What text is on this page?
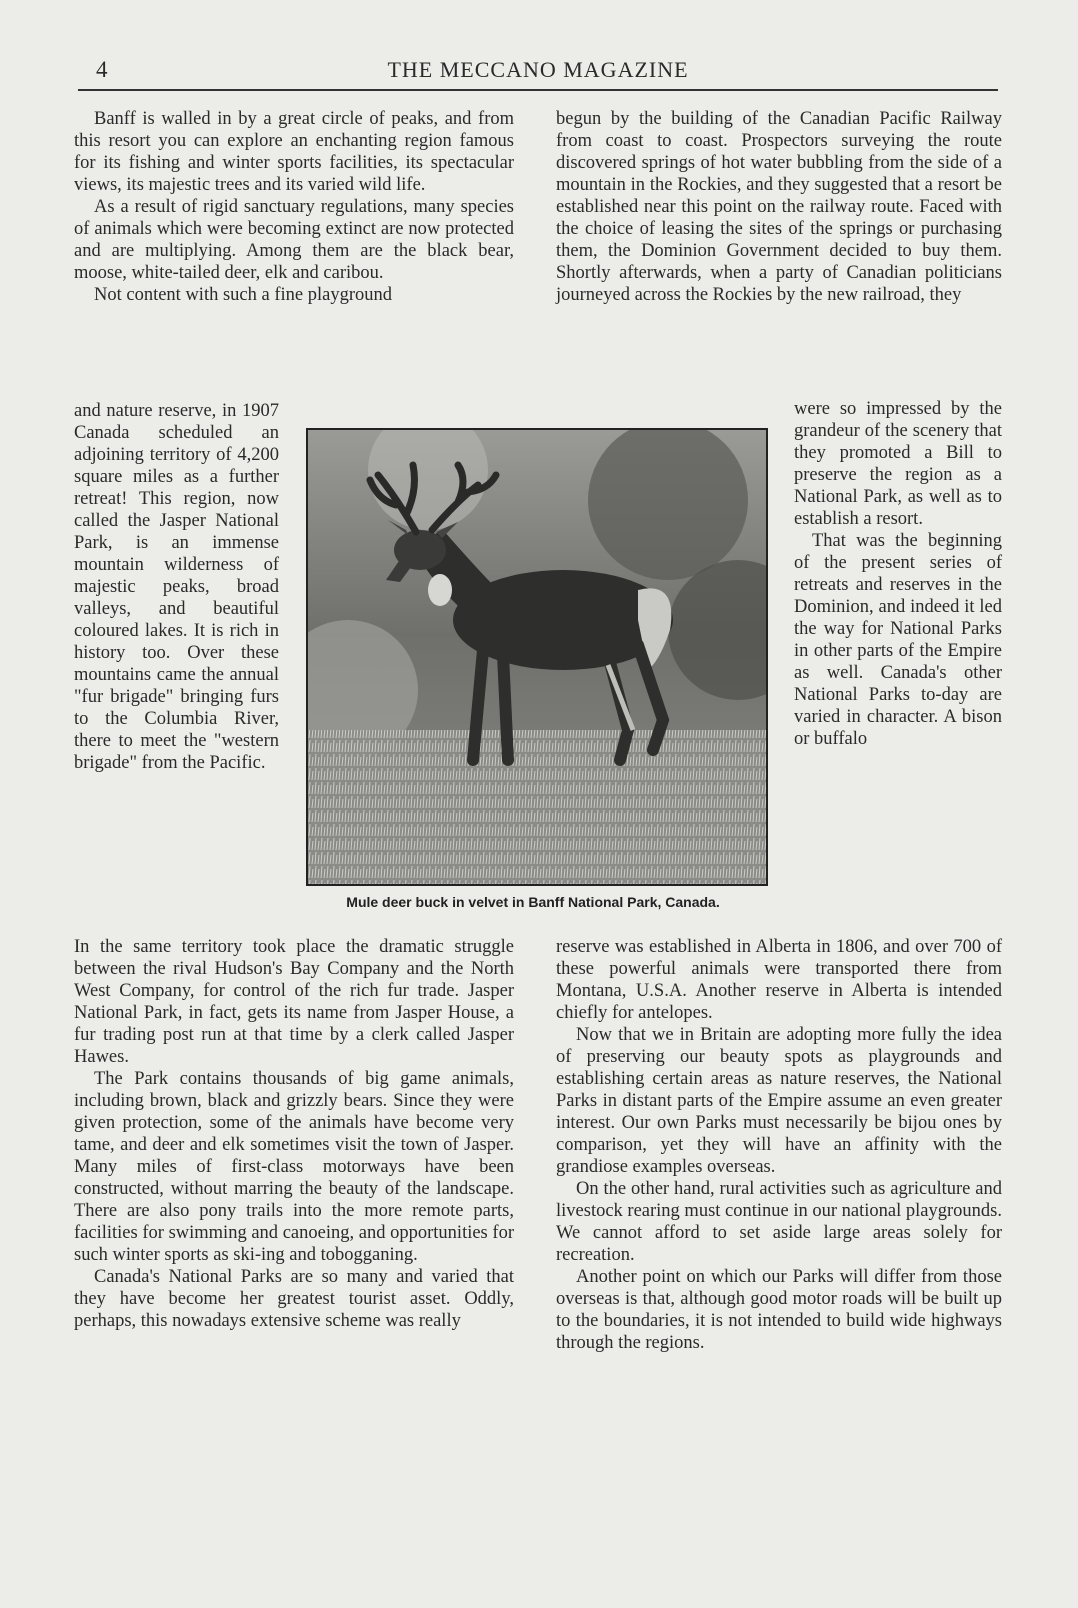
4	THE MECCANO MAGAZINE

Banff is walled in by a great circle of peaks, and from this resort you can explore an enchanting region famous for its fishing and winter sports facilities, its spectacular views, its majestic trees and its varied wild life.

As a result of rigid sanctuary regulations, many species of animals which were becoming extinct are now protected and are multiplying. Among them are the black bear, moose, white-tailed deer, elk and caribou.

Not content with such a fine playground

and nature reserve, in 1907 Canada scheduled an adjoining territory of 4,200 square miles as a further retreat! This region, now called the Jasper National Park, is an immense mountain wilderness of majestic peaks, broad valleys, and beautiful coloured lakes. It is rich in history too. Over these mountains came the annual "fur brigade" bringing furs to the Columbia River, there to meet the "western brigade" from the Pacific.

begun by the building of the Canadian Pacific Railway from coast to coast. Prospectors surveying the route discovered springs of hot water bubbling from the side of a mountain in the Rockies, and they suggested that a resort be established near this point on the railway route. Faced with the choice of leasing the sites of the springs or purchasing them, the Dominion Government decided to buy them. Shortly afterwards, when a party of Canadian politicians journeyed across the Rockies by the new railroad, they

were so impressed by the grandeur of the scenery that they promoted a Bill to preserve the region as a National Park, as well as to establish a resort.

That was the beginning of the present series of retreats and reserves in the Dominion, and indeed it led the way for National Parks in other parts of the Empire as well. Canada's other National Parks to-day are varied in character. A bison or buffalo

Mule deer buck in velvet in Banff National Park, Canada.

In the same territory took place the dramatic struggle between the rival Hudson's Bay Company and the North West Company, for control of the rich fur trade. Jasper National Park, in fact, gets its name from Jasper House, a fur trading post run at that time by a clerk called Jasper Hawes.

The Park contains thousands of big game animals, including brown, black and grizzly bears. Since they were given protection, some of the animals have become very tame, and deer and elk sometimes visit the town of Jasper. Many miles of first-class motorways have been constructed, without marring the beauty of the landscape. There are also pony trails into the more remote parts, facilities for swimming and canoeing, and opportunities for such winter sports as ski-ing and tobogganing.

Canada's National Parks are so many and varied that they have become her greatest tourist asset. Oddly, perhaps, this nowadays extensive scheme was really

reserve was established in Alberta in 1806, and over 700 of these powerful animals were transported there from Montana, U.S.A. Another reserve in Alberta is intended chiefly for antelopes.

Now that we in Britain are adopting more fully the idea of preserving our beauty spots as playgrounds and establishing certain areas as nature reserves, the National Parks in distant parts of the Empire assume an even greater interest. Our own Parks must necessarily be bijou ones by comparison, yet they will have an affinity with the grandiose examples overseas.

On the other hand, rural activities such as agriculture and livestock rearing must continue in our national playgrounds. We cannot afford to set aside large areas solely for recreation.

Another point on which our Parks will differ from those overseas is that, although good motor roads will be built up to the boundaries, it is not intended to build wide highways through the regions.
